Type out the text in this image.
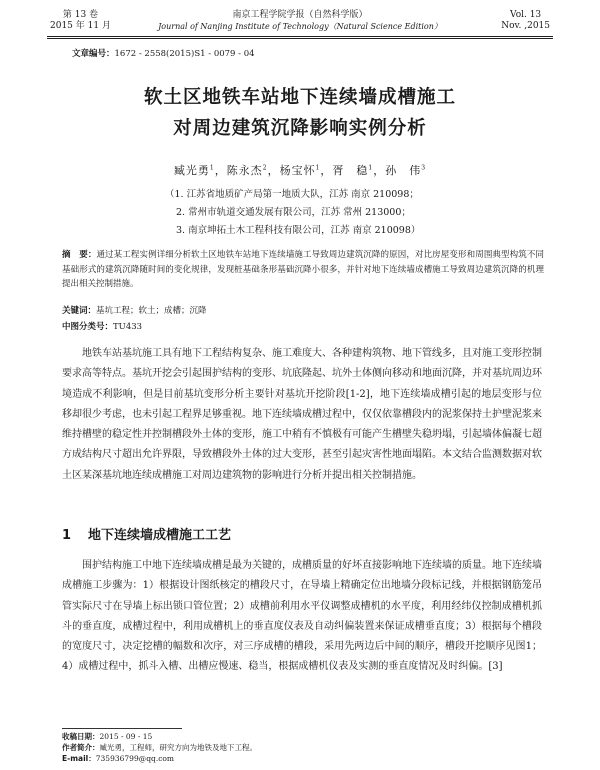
第 13 卷
2015 年 11 月
南京工程学院学报（自然科学版）
Journal of Nanjing Institute of Technology（Natural Science Edition）
Vol. 13
Nov. ,2015
文章编号：1672 - 2558(2015)S1 - 0079 - 04
软土区地铁车站地下连续墙成槽施工
对周边建筑沉降影响实例分析
臧光勇$^1$，陈永杰$^2$，杨宝怀$^1$，胥　稳$^1$，孙　伟$^3$
（1. 江苏省地质矿产局第一地质大队，江苏 南京 210098；
2. 常州市轨道交通发展有限公司，江苏 常州 213000；
3. 南京坤拓土木工程科技有限公司，江苏 南京 210098）
摘　要：通过某工程实例详细分析软土区地铁车站地下连续墙施工导致周边建筑沉降的原因，对比房屋变形和周围典型构筑不同基础形式的建筑沉降随时间的变化规律，发现桩基础条形基础沉降小很多，并针对地下连续墙成槽施工导致周边建筑沉降的机理提出相关控制措施。
关键词：基坑工程；软土；成槽；沉降
中图分类号：TU433
地铁车站基坑施工具有地下工程结构复杂、施工难度大、各种建构筑物、地下管线多，且对施工变形控制要求高等特点。基坑开挖会引起围护结构的变形、坑底隆起、坑外土体侧向移动和地面沉降，并对基坑周边环境造成不利影响，但是目前基坑变形分析主要针对基坑开挖阶段[1-2]，地下连续墙成槽引起的地层变形与位移却很少考虑，也未引起工程界足够重视。地下连续墙成槽过程中，仅仅依靠槽段内的泥浆保持土护壁泥浆来维持槽壁的稳定性并控制槽段外土体的变形，施工中稍有不慎极有可能产生槽壁失稳坍塌，引起墙体偏凝七超方成结构尺寸超出允许界限，导致槽段外土体的过大变形，甚至引起灾害性地面塌陷。本文结合监测数据对软土区某深基坑地连续成槽施工对周边建筑物的影响进行分析并提出相关控制措施。
1 地下连续墙成槽施工工艺
围护结构施工中地下连续墙成槽是最为关键的，成槽质量的好坏直接影响地下连续墙的质量。地下连续墙成槽施工步骤为：1）根据设计图纸核定的槽段尺寸，在导墙上精确定位出地墙分段标记线，并根据钢筋笼吊管实际尺寸在导墙上标出锁口管位置；2）成槽前利用水平仪调整成槽机的水平度，利用经纬仪控制成槽机抓斗的垂直度，成槽过程中，利用成槽机上的垂直度仪表及自动纠偏装置来保证成槽垂直度；3）根据每个槽段的宽度尺寸，决定挖槽的幅数和次序，对三序成槽的槽段，采用先两边后中间的顺序，槽段开挖顺序见图1；4）成槽过程中，抓斗入槽、出槽应慢速、稳当，根据成槽机仪表及实测的垂直度情况及时纠偏。[3]
收稿日期：2015 - 09 - 15
作者简介：臧光勇，工程师，研究方向为地铁及地下工程。
E-mail：735936799@qq.com
